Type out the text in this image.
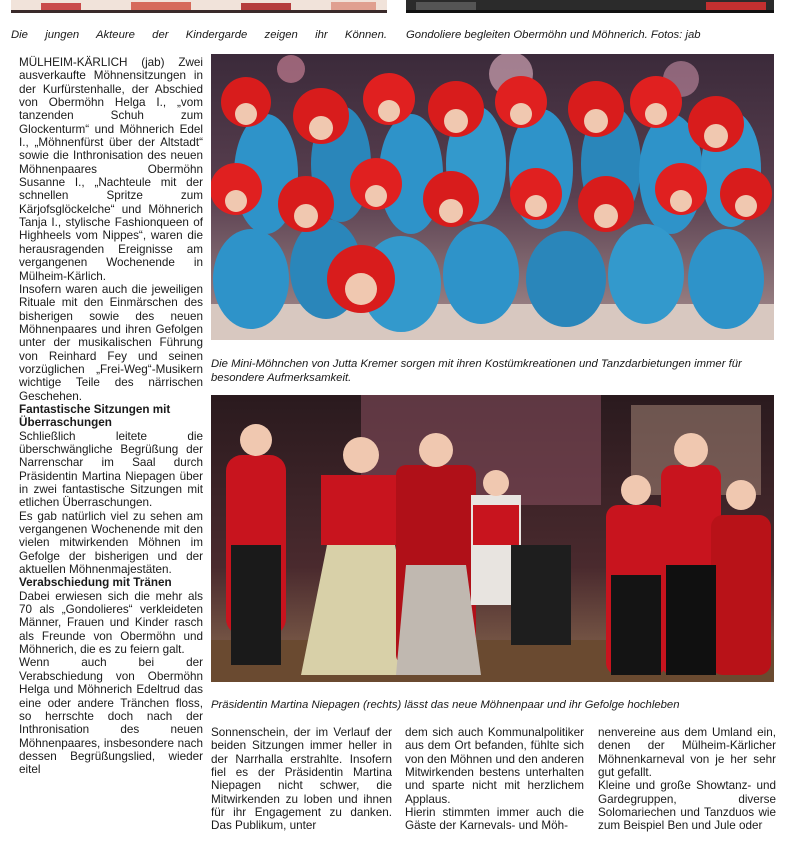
Die jungen Akteure der Kindergarde zeigen ihr Können. Gondoliere begleiten Obermöhn und Möhnerich. Fotos: jab

MÜLHEIM-KÄRLICH (jab) Zwei ausverkaufte Möhnensitzungen in der Kurfürstenhalle, der Abschied von Obermöhn Helga I., „vom tanzenden Schuh zum Glockenturm“ und Möhnerich Edel I., „Möhnenfürst über der Altstadt“ sowie die Inthronisation des neuen Möhnenpaares Obermöhn Susanne I., „Nachteule mit der schnellen Spritze zum Kärjofsglöckelche“ und Möhnerich Tanja I., stylische Fashionqueen of Highheels vom Nippes“, waren die herausragenden Ereignisse am vergangenen Wochenende in Mülheim-Kärlich.

Insofern waren auch die jeweiligen Rituale mit den Einmärschen des bisherigen sowie des neuen Möhnenpaares und ihren Gefolgen unter der musikalischen Führung von Reinhard Fey und seinen vorzüglichen „Frei-Weg“-Musikern wichtige Teile des närrischen Geschehen.

Fantastische Sitzungen mit Überraschungen

Schließlich leitete die überschwängliche Begrüßung der Narrenschar im Saal durch Präsidentin Martina Niepagen über in zwei fantastische Sitzungen mit etlichen Überraschungen.

Es gab natürlich viel zu sehen am vergangenen Wochenende mit den vielen mitwirkenden Möhnen im Gefolge der bisherigen und der aktuellen Möhnenmajestäten.

Verabschiedung mit Tränen

Dabei erwiesen sich die mehr als 70 als „Gondolieres“ verkleideten Männer, Frauen und Kinder rasch als Freunde von Obermöhn und Möhnerich, die es zu feiern galt.

Wenn auch bei der Verabschiedung von Obermöhn Helga und Möhnerich Edeltrud das eine oder andere Tränchen floss, so herrschte doch nach der Inthronisation des neuen Möhnenpaares, insbesondere nach dessen Begrüßungslied, wieder eitel

Die Mini-Möhnchen von Jutta Kremer sorgen mit ihren Kostümkreationen und Tanzdarbietungen immer für besondere Aufmerksamkeit.
Präsidentin Martina Niepagen (rechts) lässt das neue Möhnenpaar und ihr Gefolge hochleben

Sonnenschein, der im Verlauf der beiden Sitzungen immer heller in der Narrhalla erstrahlte. Insofern fiel es der Präsidentin Martina Niepagen nicht schwer, die Mitwirkenden zu loben und ihnen für ihr Engagement zu danken. Das Publikum, unter

dem sich auch Kommunalpolitiker aus dem Ort befanden, fühlte sich von den Möhnen und den anderen Mitwirkenden bestens unterhalten und sparte nicht mit herzlichem Applaus.

Hierin stimmten immer auch die Gäste der Karnevals- und Möh-

nenvereine aus dem Umland ein, denen der Mülheim-Kärlicher Möhnenkarneval von je her sehr gut gefallt.

Kleine und große Showtanz- und Gardegruppen, diverse Solomariechen und Tanzduos wie zum Beispiel Ben und Jule oder
